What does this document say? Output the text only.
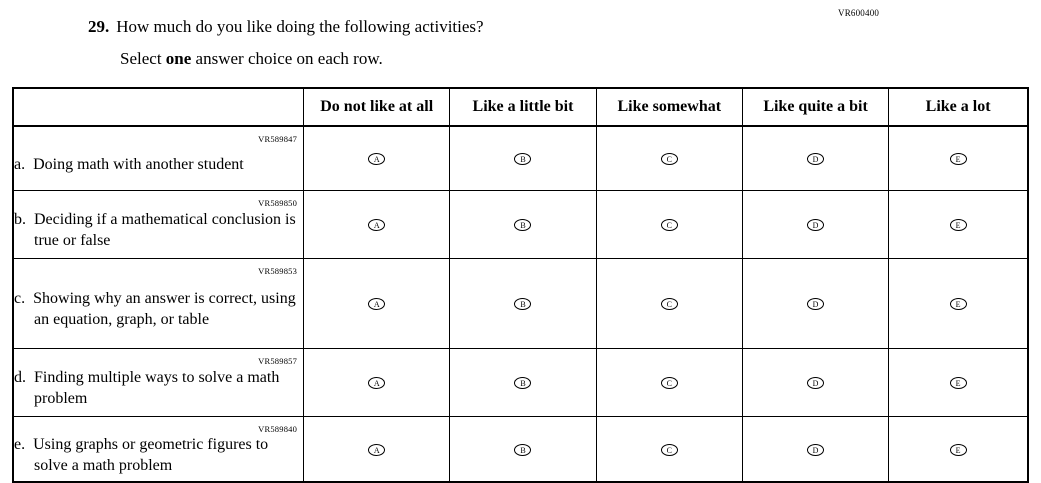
VR600400
29. How much do you like doing the following activities?
Select one answer choice on each row.
	Do not like at all	Like a little bit	Like somewhat	Like quite a bit	Like a lot

VR589847
a. Doing math with another student	A	B	C	D	E

VR589850
b. Deciding if a mathematical conclusion is true or false	A	B	C	D	E

VR589853
c. Showing why an answer is correct, using an equation, graph, or table	A	B	C	D	E

VR589857
d. Finding multiple ways to solve a math problem	A	B	C	D	E

VR589840
e. Using graphs or geometric figures to solve a math problem	A	B	C	D	E
